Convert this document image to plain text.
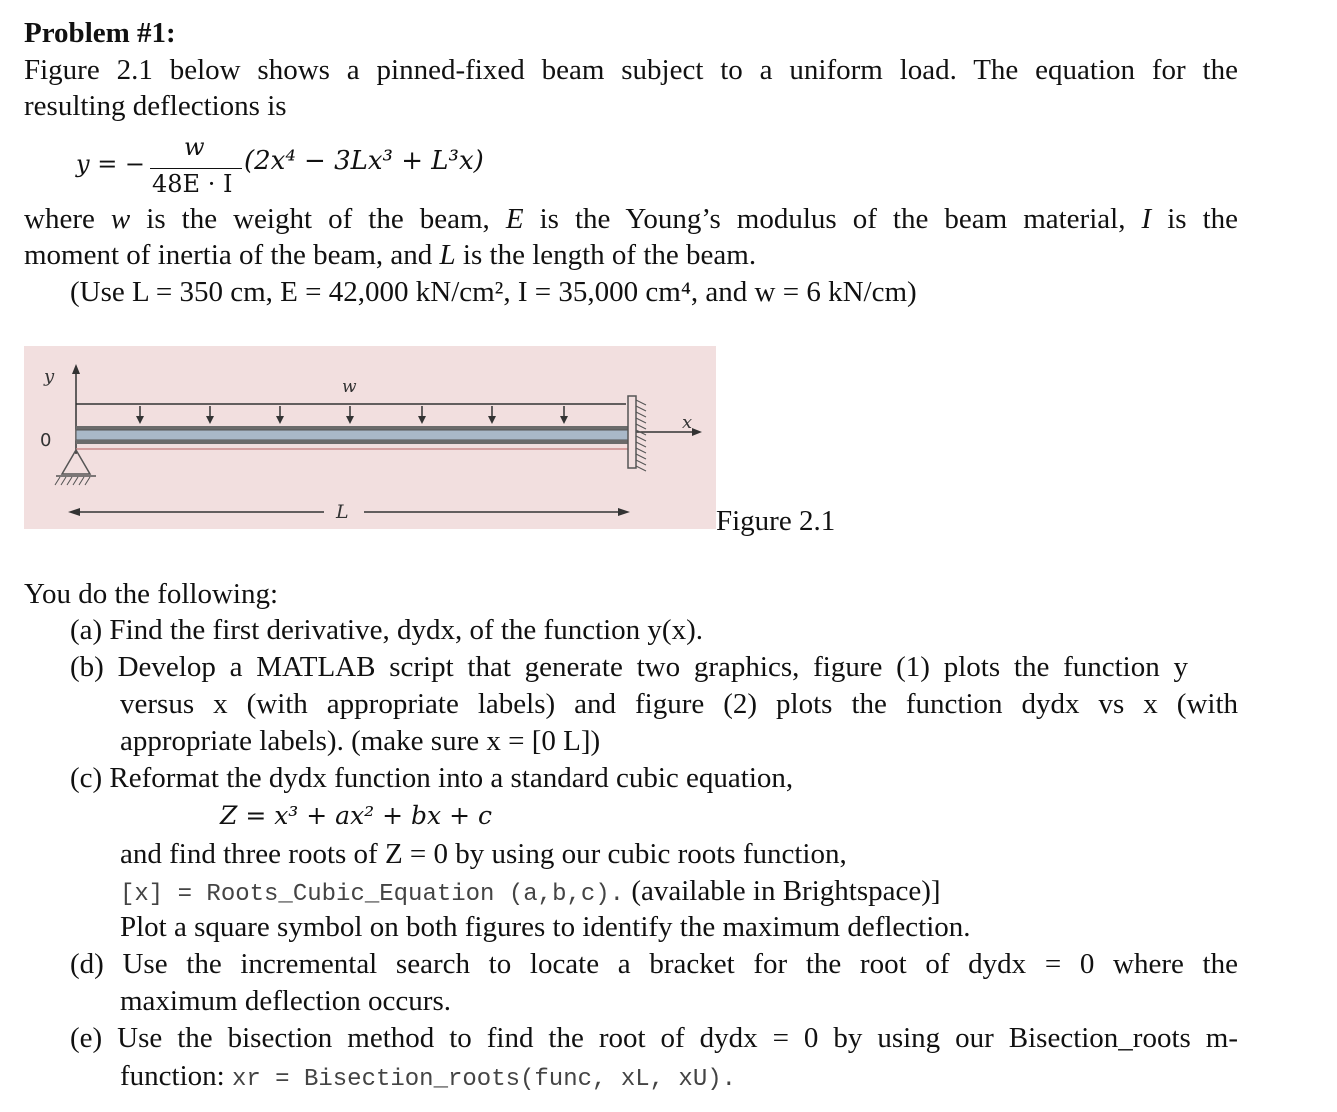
Problem #1:
Figure 2.1 below shows a pinned-fixed beam subject to a uniform load. The equation for the
resulting deflections is
y = −
w
48E · I
(2x⁴ − 3Lx³ + L³x)
where w is the weight of the beam, E is the Young’s modulus of the beam material, I is the
moment of inertia of the beam, and L is the length of the beam.
(Use L = 350 cm, E = 42,000 kN/cm², I = 35,000 cm⁴, and w = 6 kN/cm)
y
0
x
w
L	Figure 2.1
You do the following:
(a) Find the first derivative, dydx, of the function y(x).
(b) Develop a MATLAB script that generate two graphics, figure (1) plots the function y
versus x (with appropriate labels) and figure (2) plots the function dydx vs x (with
appropriate labels). (make sure x = [0 L])
(c) Reformat the dydx function into a standard cubic equation,
Z = x³ + ax² + bx + c
and find three roots of Z = 0 by using our cubic roots function,
[x] = Roots_Cubic_Equation (a,b,c). (available in Brightspace)]
Plot a square symbol on both figures to identify the maximum deflection.
(d) Use the incremental search to locate a bracket for the root of dydx = 0 where the
maximum deflection occurs.
(e) Use the bisection method to find the root of dydx = 0 by using our Bisection_roots m-
function: xr = Bisection_roots(func, xL, xU).
